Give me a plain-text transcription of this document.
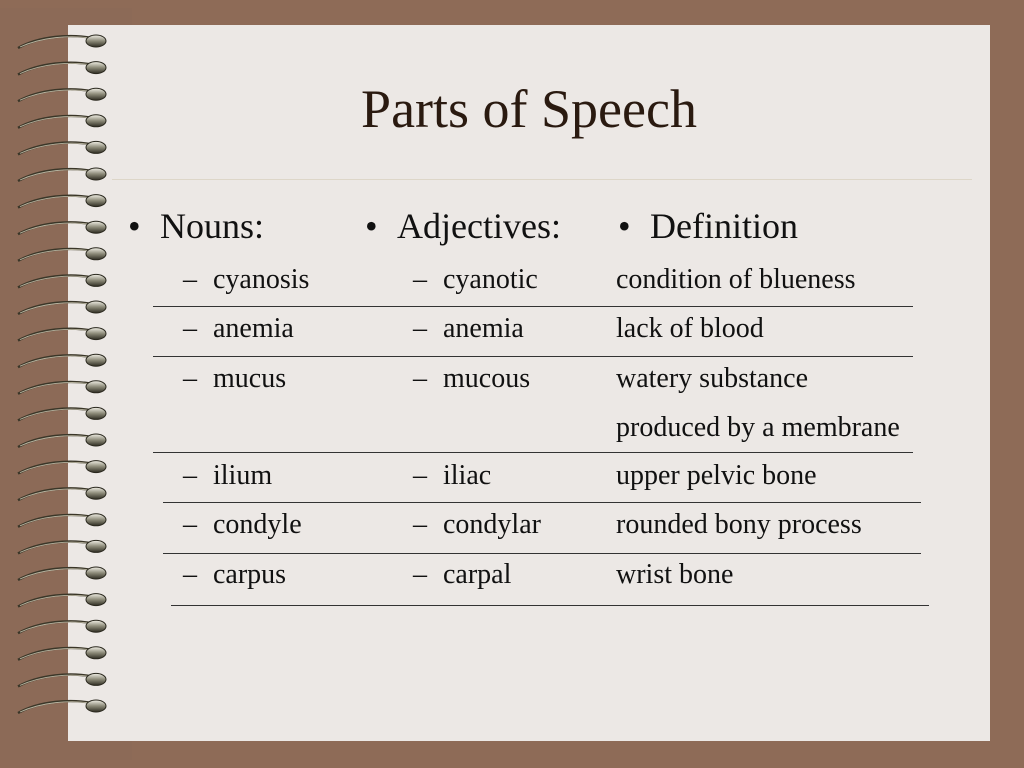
Parts of Speech
• Nouns:	• Adjectives: • Definition
– cyanosis	– cyanotic	condition of blueness
– anemia	– anemia	lack of blood
– mucus	– mucous	watery substance
produced by a membrane
– ilium	– iliac	upper pelvic bone
– condyle	– condylar	rounded bony process
– carpus	– carpal	wrist bone
